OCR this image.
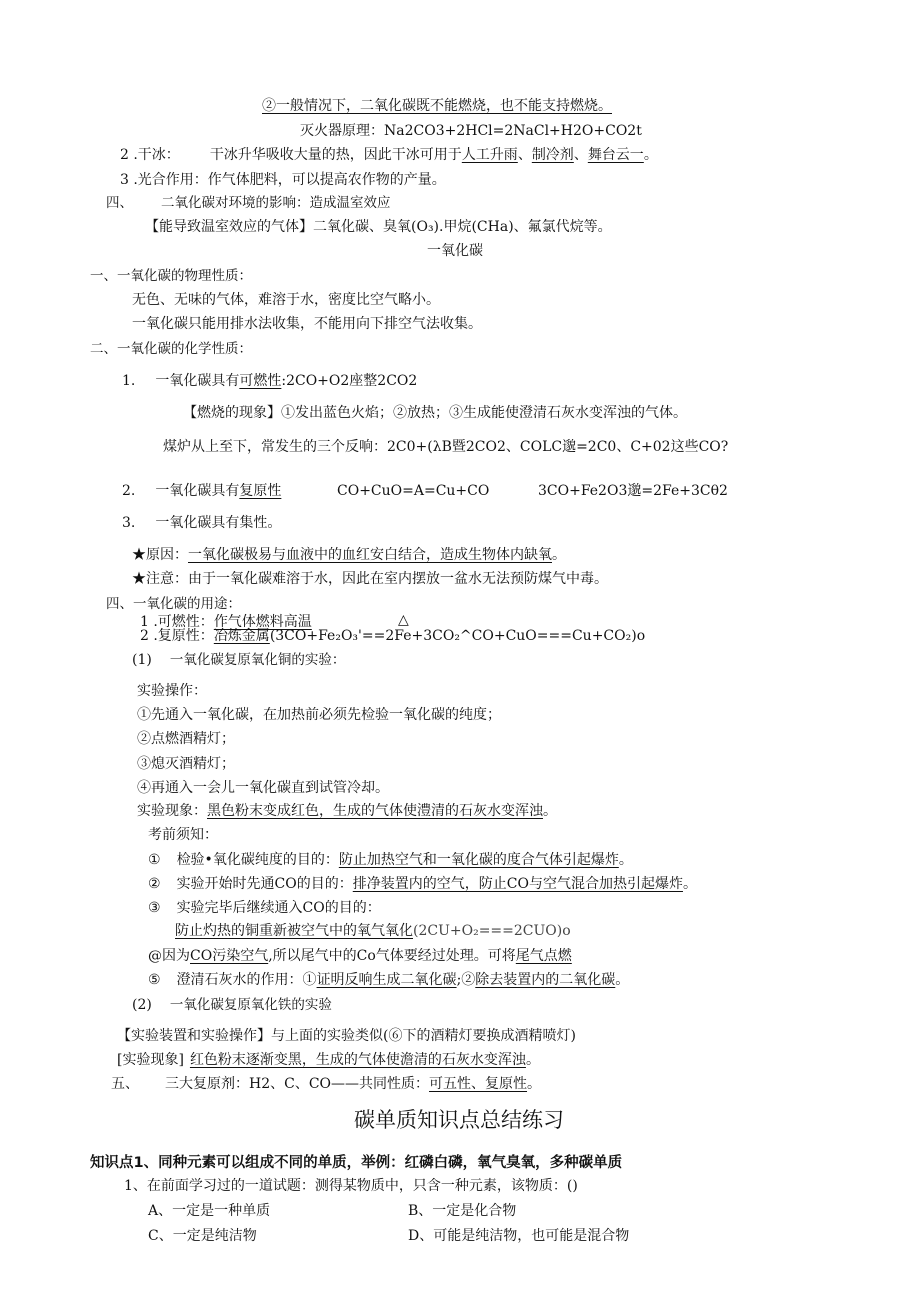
②一般情况下，二氧化碳既不能燃烧，也不能支持燃烧。
灭火器原理：Na2CO3+2HCl=2NaCl+H2O+CO2t
2 .干冰： 干冰升华吸收大量的热，因此干冰可用于人工升雨、制冷剂、舞台云一。
3 .光合作用：作气体肥料，可以提高农作物的产量。
四、 二氧化碳对环境的影响：造成温室效应
【能导致温室效应的气体】二氧化碳、臭氧(O₃).甲烷(CHa)、氟氯代烷等。
一氧化碳
一、一氧化碳的物理性质：
无色、无味的气体，难溶于水，密度比空气略小。
一氧化碳只能用排水法收集，不能用向下排空气法收集。
二、一氧化碳的化学性质：
1. 一氧化碳具有可燃性:2CO+O2座整2CO2
【燃烧的现象】①发出蓝色火焰；②放热；③生成能使澄清石灰水变浑浊的气体。
煤炉从上至下，常发生的三个反响：2C0+(λB暨2CO2、COLC邈=2C0、C+02这些CO?
2. 一氧化碳具有复原性	CO+CuO=A=Cu+CO	3CO+Fe2O3邈=2Fe+3Cθ2
3. 一氧化碳具有集性。
★原因：一氧化碳极易与血液中的血红安白结合，造成生物体内缺氧。
★注意：由于一氧化碳难溶于水，因此在室内摆放一盆水无法预防煤气中毒。
四、一氧化碳的用途：
1 .可燃性：作气体燃料高温	△
2 .复原性：冶炼金属(3CO+Fe₂O₃'==2Fe+3CO₂^CO+CuO===Cu+CO₂)o
(1) 一氧化碳复原氧化铜的实验：
实验操作：
①先通入一氧化碳，在加热前必须先检验一氧化碳的纯度；
②点燃酒精灯；
③熄灭酒精灯；
④再通入一会儿一氧化碳直到试管冷却。
实验现象：黑色粉末变成红色，生成的气体使澧清的石灰水变浑浊。
考前须知：
① 检验•氧化碳纯度的目的：防止加热空气和一氧化碳的度合气体引起爆炸。
② 实验开始时先通CO的目的：排净装置内的空气，防止CO与空气混合加热引起爆炸。
③ 实验完毕后继续通入CO的目的：
防止灼热的铜重新被空气中的氧气氧化(2CU+O₂===2CUO)o
@因为CO污染空气,所以尾气中的Co气体要经过处理。可将尾气点燃
⑤ 澄清石灰水的作用：①证明反响生成二氧化碳;②除去装置内的二氧化碳。
(2) 一氧化碳复原氧化铁的实验
【实验装置和实验操作】与上面的实验类似(⑥下的酒精灯要换成酒精喷灯)
[实验现象] 红色粉末逐渐变黑，生成的气体使澹清的石灰水变浑浊。
五、 三大复原剂：H2、C、CO——共同性质：可五性、复原性。
碳单质知识点总结练习
知识点1、同种元素可以组成不同的单质，举例：红磷白磷，氧气臭氧，多种碳单质
1、在前面学习过的一道试题：测得某物质中，只含一种元素，该物质：()
A、一定是一种单质	B、一定是化合物
C、一定是纯洁物	D、可能是纯洁物，也可能是混合物
